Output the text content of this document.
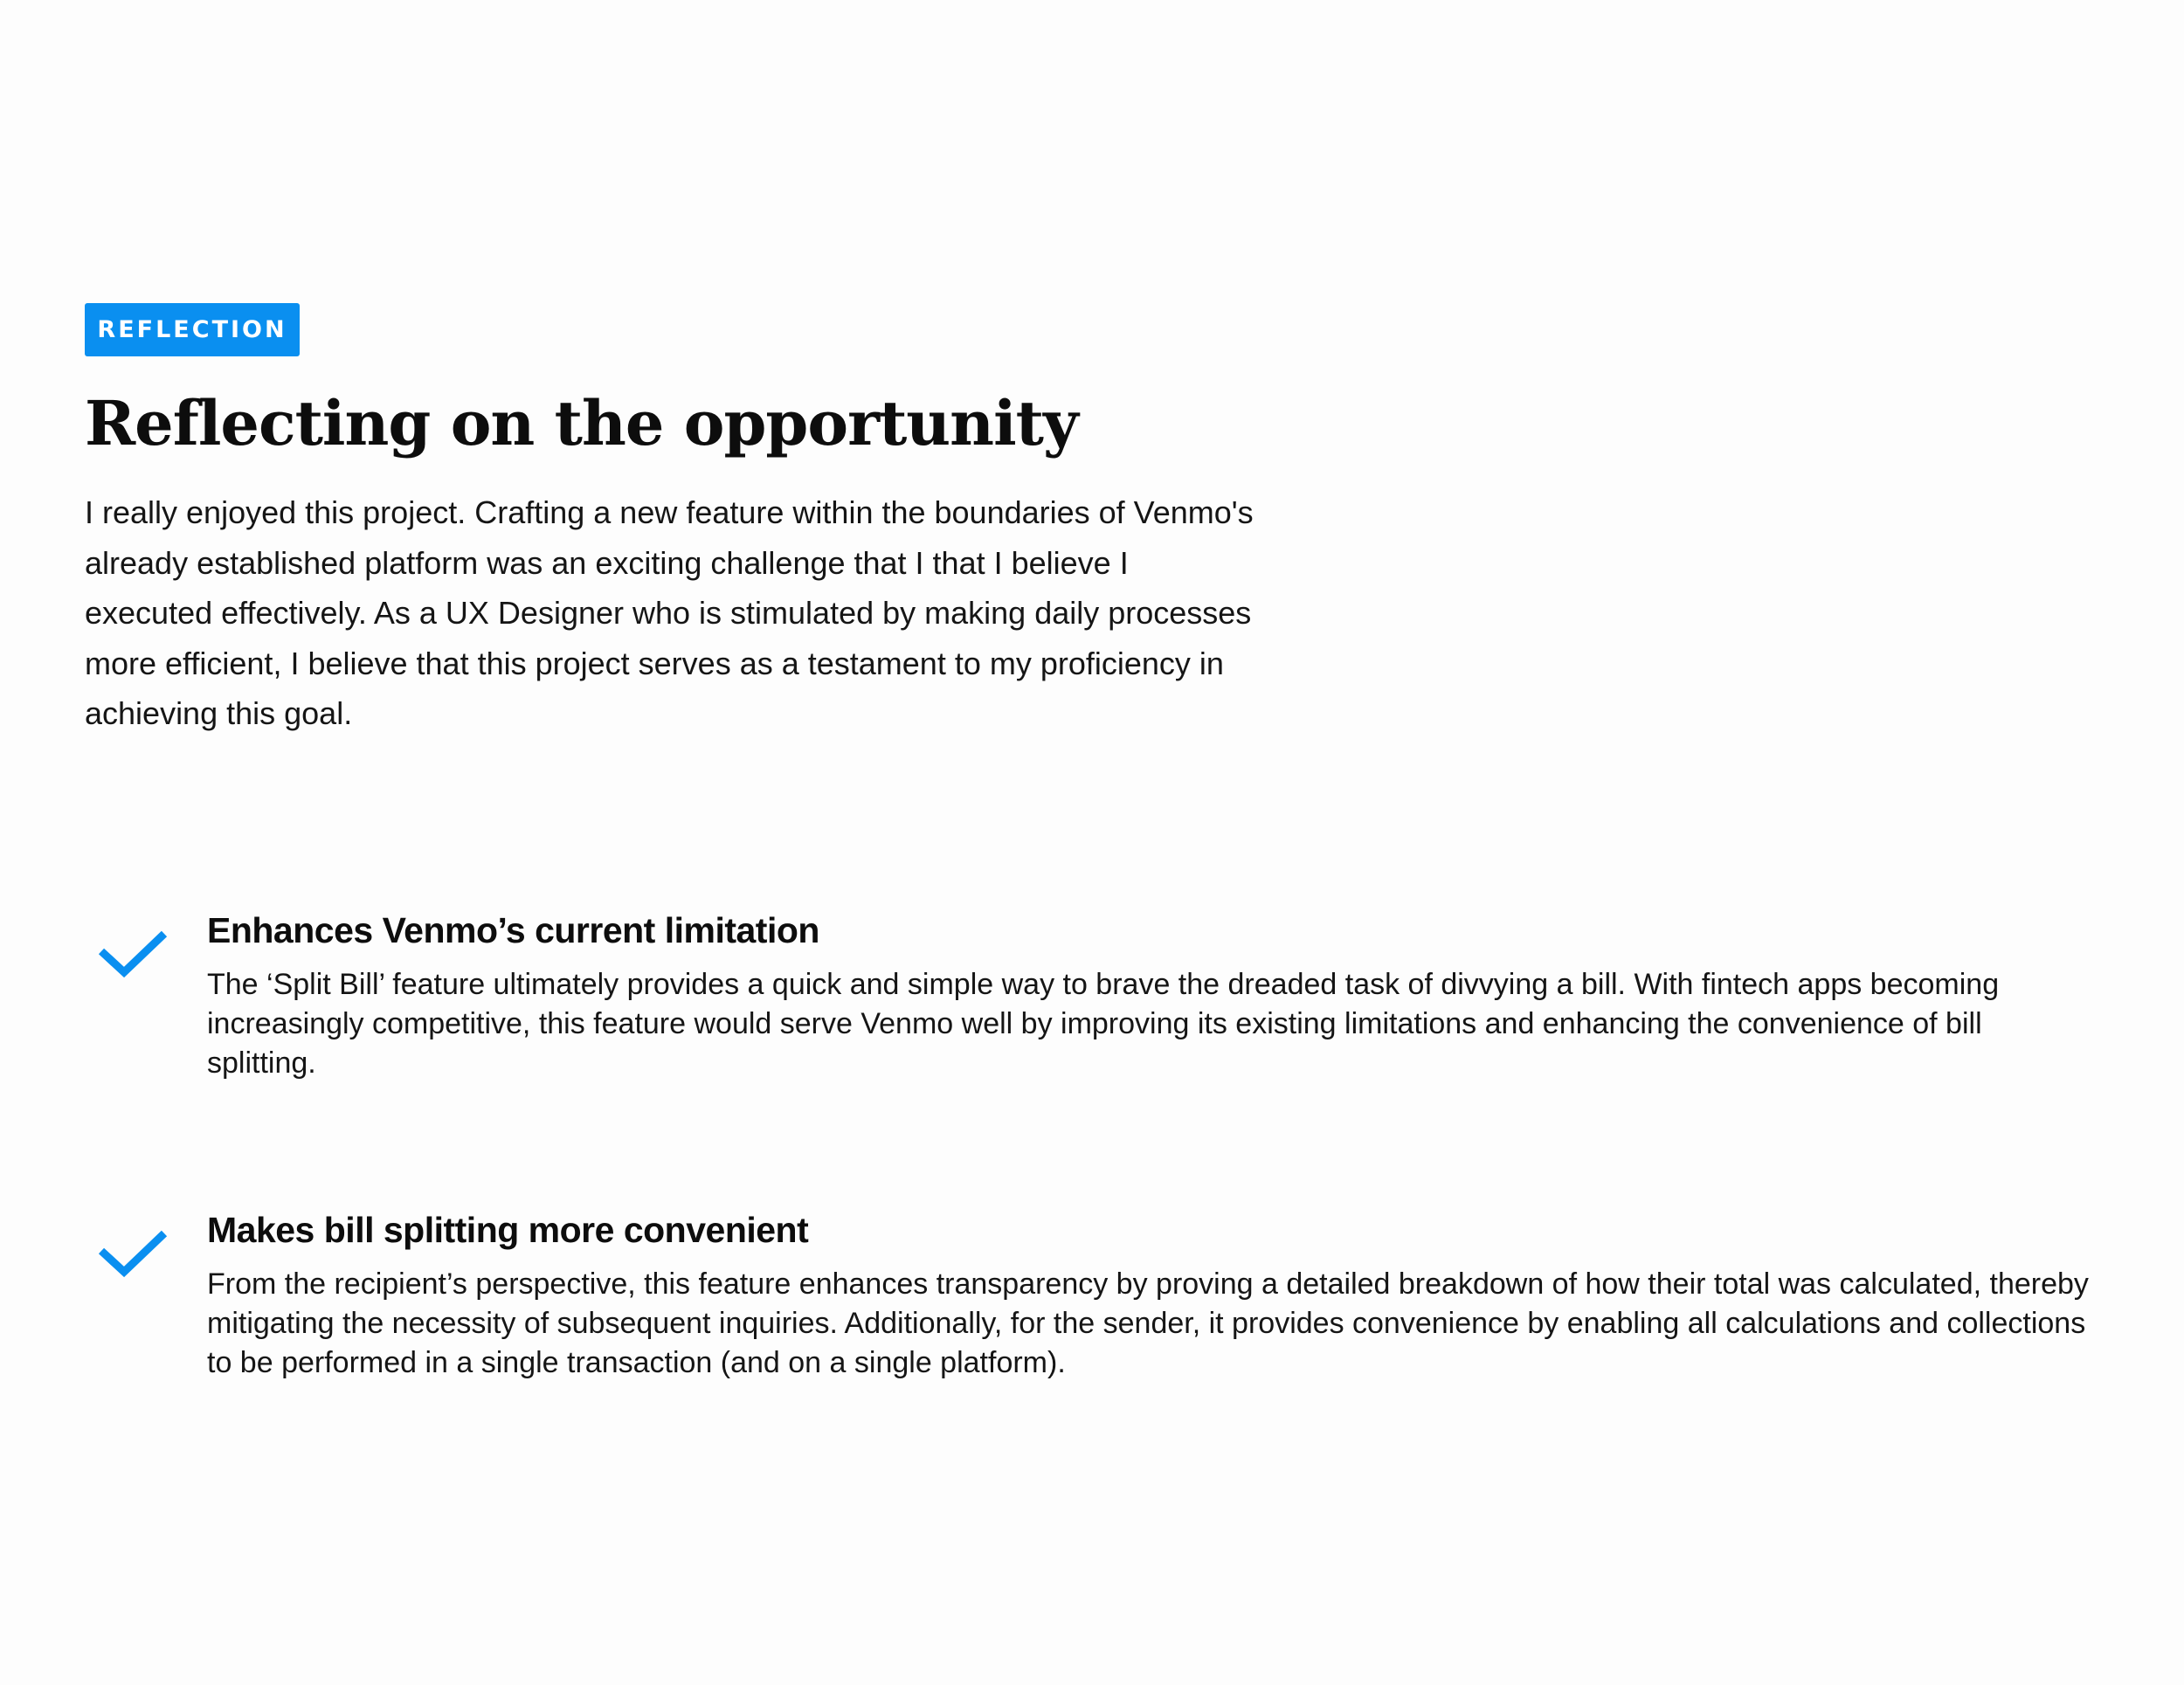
REFLECTION
Reflecting on the opportunity

I really enjoyed this project. Crafting a new feature within the boundaries of Venmo's already established platform was an exciting challenge that I that I believe I executed effectively. As a UX Designer who is stimulated by making daily processes more efficient, I believe that this project serves as a testament to my proficiency in achieving this goal.

Enhances Venmo’s current limitation

The ‘Split Bill’ feature ultimately provides a quick and simple way to brave the dreaded task of divvying a bill. With fintech apps becoming increasingly competitive, this feature would serve Venmo well by improving its existing limitations and enhancing the convenience of bill splitting.

Makes bill splitting more convenient

From the recipient’s perspective, this feature enhances transparency by proving a detailed breakdown of how their total was calculated, thereby mitigating the necessity of subsequent inquiries. Additionally, for the sender, it provides convenience by enabling all calculations and collections to be performed in a single transaction (and on a single platform).
